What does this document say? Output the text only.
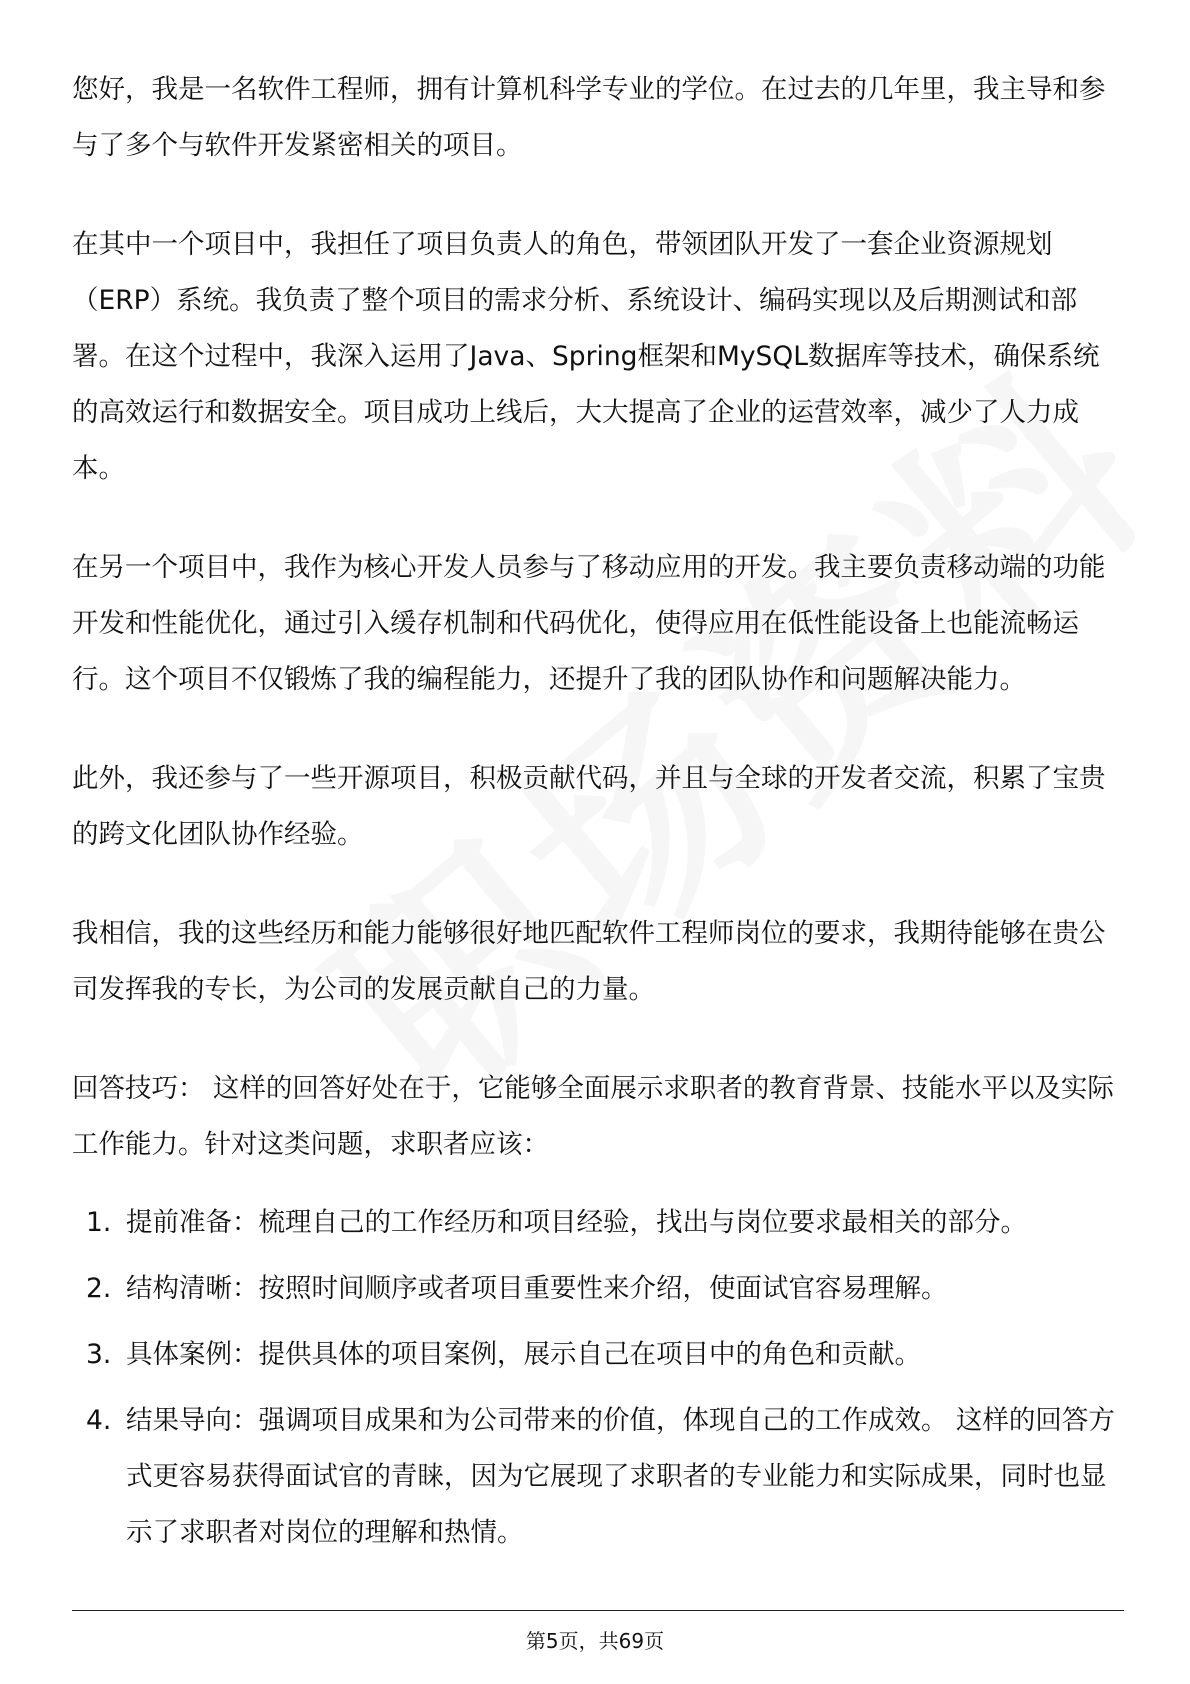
您好，我是一名软件工程师，拥有计算机科学专业的学位。在过去的几年里，我主导和参与了多个与软件开发紧密相关的项目。

在其中一个项目中，我担任了项目负责人的角色，带领团队开发了一套企业资源规划（ERP）系统。我负责了整个项目的需求分析、系统设计、编码实现以及后期测试和部署。在这个过程中，我深入运用了Java、Spring框架和MySQL数据库等技术，确保系统的高效运行和数据安全。项目成功上线后，大大提高了企业的运营效率，减少了人力成本。

在另一个项目中，我作为核心开发人员参与了移动应用的开发。我主要负责移动端的功能开发和性能优化，通过引入缓存机制和代码优化，使得应用在低性能设备上也能流畅运行。这个项目不仅锻炼了我的编程能力，还提升了我的团队协作和问题解决能力。

此外，我还参与了一些开源项目，积极贡献代码，并且与全球的开发者交流，积累了宝贵的跨文化团队协作经验。

我相信，我的这些经历和能力能够很好地匹配软件工程师岗位的要求，我期待能够在贵公司发挥我的专长，为公司的发展贡献自己的力量。

回答技巧： 这样的回答好处在于，它能够全面展示求职者的教育背景、技能水平以及实际工作能力。针对这类问题，求职者应该：

1. 提前准备：梳理自己的工作经历和项目经验，找出与岗位要求最相关的部分。
2. 结构清晰：按照时间顺序或者项目重要性来介绍，使面试官容易理解。
3. 具体案例：提供具体的项目案例，展示自己在项目中的角色和贡献。
4. 结果导向：强调项目成果和为公司带来的价值，体现自己的工作成效。 这样的回答方式更容易获得面试官的青睐，因为它展现了求职者的专业能力和实际成果，同时也显示了求职者对岗位的理解和热情。
第5页，共69页
